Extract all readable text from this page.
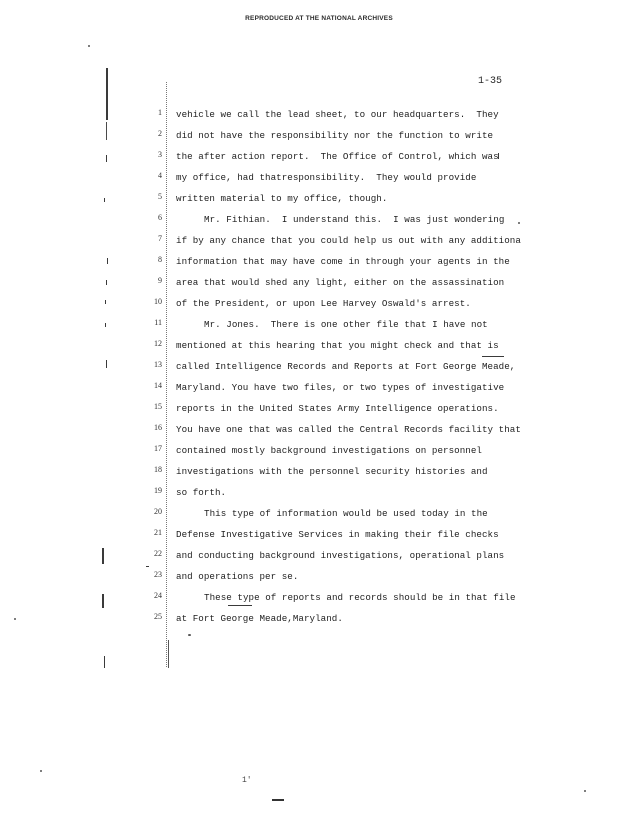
REPRODUCED AT THE NATIONAL ARCHIVES
1-35
1
2
3
4
5
6
7
8
9
10
11
12
13
14
15
16
17
18
19
20
21
22
23
24
25
vehicle we call the lead sheet, to our headquarters.  They
did not have the responsibility nor the function to write
the after action report.  The Office of Control, which was
my office, had thatresponsibility.  They would provide
written material to my office, though.
Mr. Fithian.  I understand this.  I was just wondering
if by any chance that you could help us out with any additiona
information that may have come in through your agents in the
area that would shed any light, either on the assassination
of the President, or upon Lee Harvey Oswald's arrest.
Mr. Jones.  There is one other file that I have not
mentioned at this hearing that you might check and that is
called Intelligence Records and Reports at Fort George Meade,
Maryland. You have two files, or two types of investigative
reports in the United States Army Intelligence operations.
You have one that was called the Central Records facility that
contained mostly background investigations on personnel
investigations with the personnel security histories and
so forth.
This type of information would be used today in the
Defense Investigative Services in making their file checks
and conducting background investigations, operational plans
and operations per se.
These type of reports and records should be in that file
at Fort George Meade,Maryland.
1'
